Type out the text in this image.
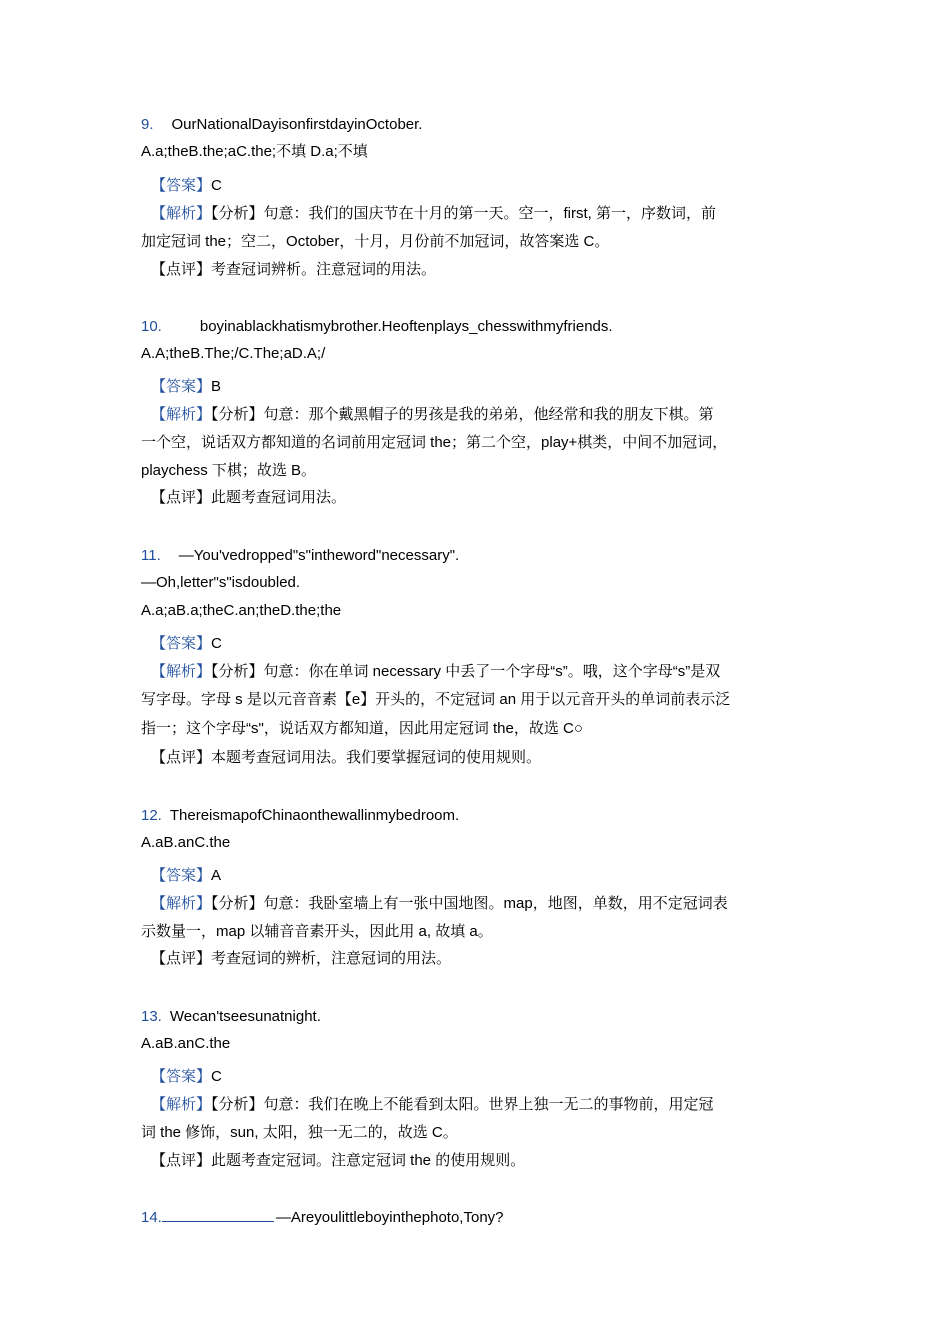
9. OurNationalDayisonfirstdayinOctober.
A.a;theB.the;aC.the;不填 D.a;不填
【答案】C
【解析】【分析】句意：我们的国庆节在十月的第一天。空一，first, 第一，序数词，前
加定冠词 the；空二，October，十月，月份前不加冠词，故答案选 C。
【点评】考查冠词辨析。注意冠词的用法。
10.	boyinablackhatismybrother.Heoftenplays_chesswithmyfriends.
A.A;theB.The;/C.The;aD.A;/
【答案】B
【解析】【分析】句意：那个戴黑帽子的男孩是我的弟弟，他经常和我的朋友下棋。第
一个空，说话双方都知道的名词前用定冠词 the；第二个空，play+棋类，中间不加冠词，
playchess 下棋；故选 B。
【点评】此题考查冠词用法。
11. —You'vedropped"s"intheword"necessary".
—Oh,letter"s"isdoubled.
A.a;aB.a;theC.an;theD.the;the
【答案】C
【解析】【分析】句意：你在单词 necessary 中丢了一个字母“s”。哦，这个字母“s”是双
写字母。字母 s 是以元音音素【e】开头的，不定冠词 an 用于以元音开头的单词前表示泛
指一；这个字母“s"，说话双方都知道，因此用定冠词 the，故选 C○
【点评】本题考查冠词用法。我们要掌握冠词的使用规则。
12. ThereismapofChinaonthewallinmybedroom.
A.aB.anC.the
【答案】A
【解析】【分析】句意：我卧室墙上有一张中国地图。map，地图，单数，用不定冠词表
示数量一，map 以辅音音素开头，因此用 a, 故填 a。
【点评】考查冠词的辨析，注意冠词的用法。
13. Wecan'tseesunatnight.
A.aB.anC.the
【答案】C
【解析】【分析】句意：我们在晚上不能看到太阳。世界上独一无二的事物前，用定冠
词 the 修饰，sun, 太阳，独一无二的，故选 C。
【点评】此题考查定冠词。注意定冠词 the 的使用规则。
14.	—Areyoulittleboyinthephoto,Tony?
